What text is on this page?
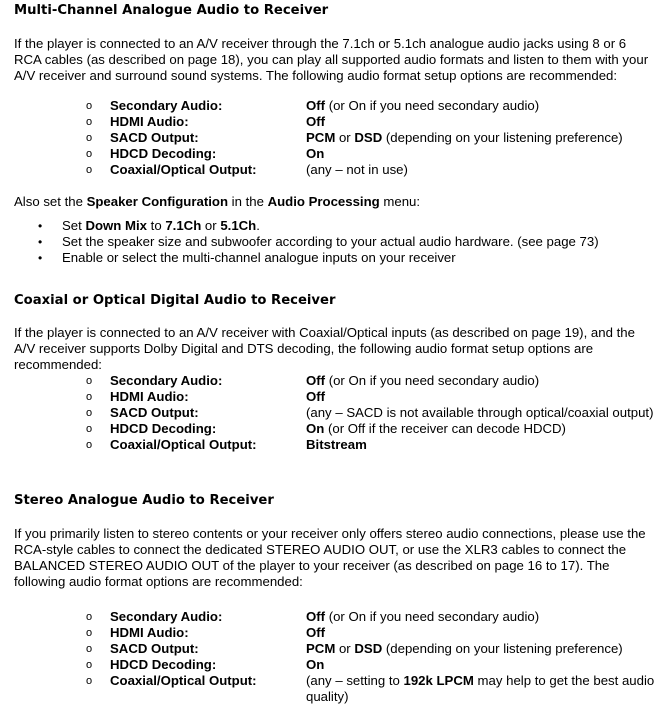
Multi-Channel Analogue Audio to Receiver

If the player is connected to an A/V receiver through the 7.1ch or 5.1ch analogue audio jacks using 8 or 6 RCA cables (as described on page 18), you can play all supported audio formats and listen to them with your A/V receiver and surround sound systems. The following audio format setup options are recommended:

o	Secondary Audio:	Off (or On if you need secondary audio)
o	HDMI Audio:	Off
o	SACD Output:	PCM or DSD (depending on your listening preference)
o	HDCD Decoding:	On
o	Coaxial/Optical Output:	(any – not in use)

Also set the Speaker Configuration in the Audio Processing menu:

•	Set Down Mix to 7.1Ch or 5.1Ch.
•	Set the speaker size and subwoofer according to your actual audio hardware. (see page 73)
•	Enable or select the multi-channel analogue inputs on your receiver
Coaxial or Optical Digital Audio to Receiver

If the player is connected to an A/V receiver with Coaxial/Optical inputs (as described on page 19), and the A/V receiver supports Dolby Digital and DTS decoding, the following audio format setup options are recommended:

o	Secondary Audio:	Off (or On if you need secondary audio)
o	HDMI Audio:	Off
o	SACD Output:	(any – SACD is not available through optical/coaxial output)
o	HDCD Decoding:	On (or Off if the receiver can decode HDCD)
o	Coaxial/Optical Output:	Bitstream
Stereo Analogue Audio to Receiver

If you primarily listen to stereo contents or your receiver only offers stereo audio connections, please use the RCA-style cables to connect the dedicated STEREO AUDIO OUT, or use the XLR3 cables to connect the BALANCED STEREO AUDIO OUT of the player to your receiver (as described on page 16 to 17). The following audio format options are recommended:

o	Secondary Audio:	Off (or On if you need secondary audio)
o	HDMI Audio:	Off
o	SACD Output:	PCM or DSD (depending on your listening preference)
o	HDCD Decoding:	On
o	Coaxial/Optical Output:	(any – setting to 192k LPCM may help to get the best audio quality)
